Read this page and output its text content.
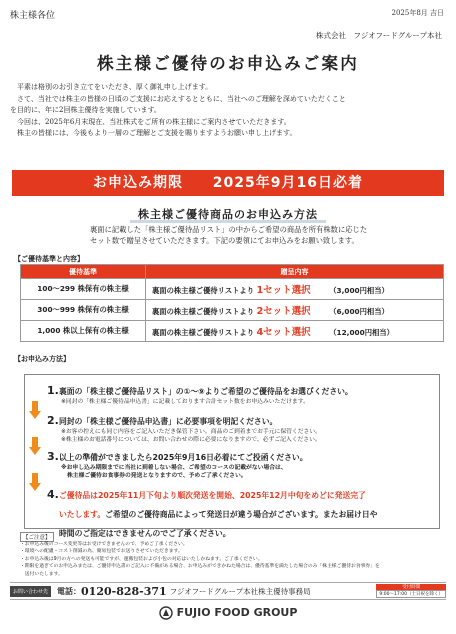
株主様各位	2025年8月 吉日
株式会社　フジオフードグループ本社
株主様ご優待のお申込みご案内

平素は格別のお引き立てをいただき、厚く御礼申し上げます。

さて、当社では株主の皆様の日頃のご支援にお応えするとともに、当社へのご理解を深めていただくこと

を目的に、年に2回株主優待を実施しています。

今回は、2025年6月末現在、当社株式をご所有の株主様にご案内させていただきます。

株主の皆様には、今後もより一層のご理解とご支援を賜りますようお願い申し上げます。

お申込み期限 2025年9月16日必着
株主様ご優待商品のお申込み方法
裏面に記載した「株主様ご優待品リスト」の中からご希望の商品を所有株数に応じた
セット数で贈呈させていただきます。下記の要領にてお申込みをお願い致します。
【ご優待基準と内容】
優待基準	贈呈内容
100〜299 株保有の株主様	裏面の株主様ご優待リストより 1セット選択 （3,000円相当）
300〜999 株保有の株主様	裏面の株主様ご優待リストより 2セット選択 （6,000円相当）
1,000 株以上保有の株主様	裏面の株主様ご優待リストより 4セット選択 （12,000円相当）
【お申込み方法】
1.裏面の「株主様ご優待品リスト」の①〜⑨よりご希望のご優待品をお選びください。
※同封の「株主様ご優待品申込書」に記載しております合計セット数をお申込みいただけます。
2.同封の「株主様ご優待品申込書」に必要事項を明記ください。
※お客の控えにも同じ内容をご記入いただき保管下さい。商品のご到着までお手元に保管ください。
※株主様のお電話番号については、お問い合わせの際に必要になりますので、必ずご記入ください。
3.以上の準備ができましたら2025年9月16日必着にてご投函ください。
※お申し込み期限までに当社に到着しない場合、ご希望のコースの記載がない場合は、
株主様ご優待お食事券の発送となりますので、予めご了承ください。
4.ご優待品は2025年11月下旬より順次発送を開始、2025年12月中旬をめどに発送完了
いたします。ご希望のご優待商品によって発送日が違う場合がございます。またお届け日や
時間のご指定はできませんのでご了承ください。
【ご注意】
・お申込み後のコース変更等はお受けできませんので、予めご了承ください。
・環境への配慮・コスト削減の為、簡易包装でお送りさせていただきます。
・お申込み後は9月の方への発送も可能ですが、運搬包装および小包の対応はいたしかねます。ご了承ください。
・期限を過ぎてのお申込みまたは、ご優待申込書のご記入に不備がある場合、お申込みができかねた場合は、優待基準を満たした場合のみ「株主様ご優待お食事券」を
　送付いたします。
お問い合わせ先	電話： 0120-828-371 フジオフードグループ本社株主優待事務局	受付時間
9:00〜17:00（土日祝を除く）
FUJIO FOOD GROUP
